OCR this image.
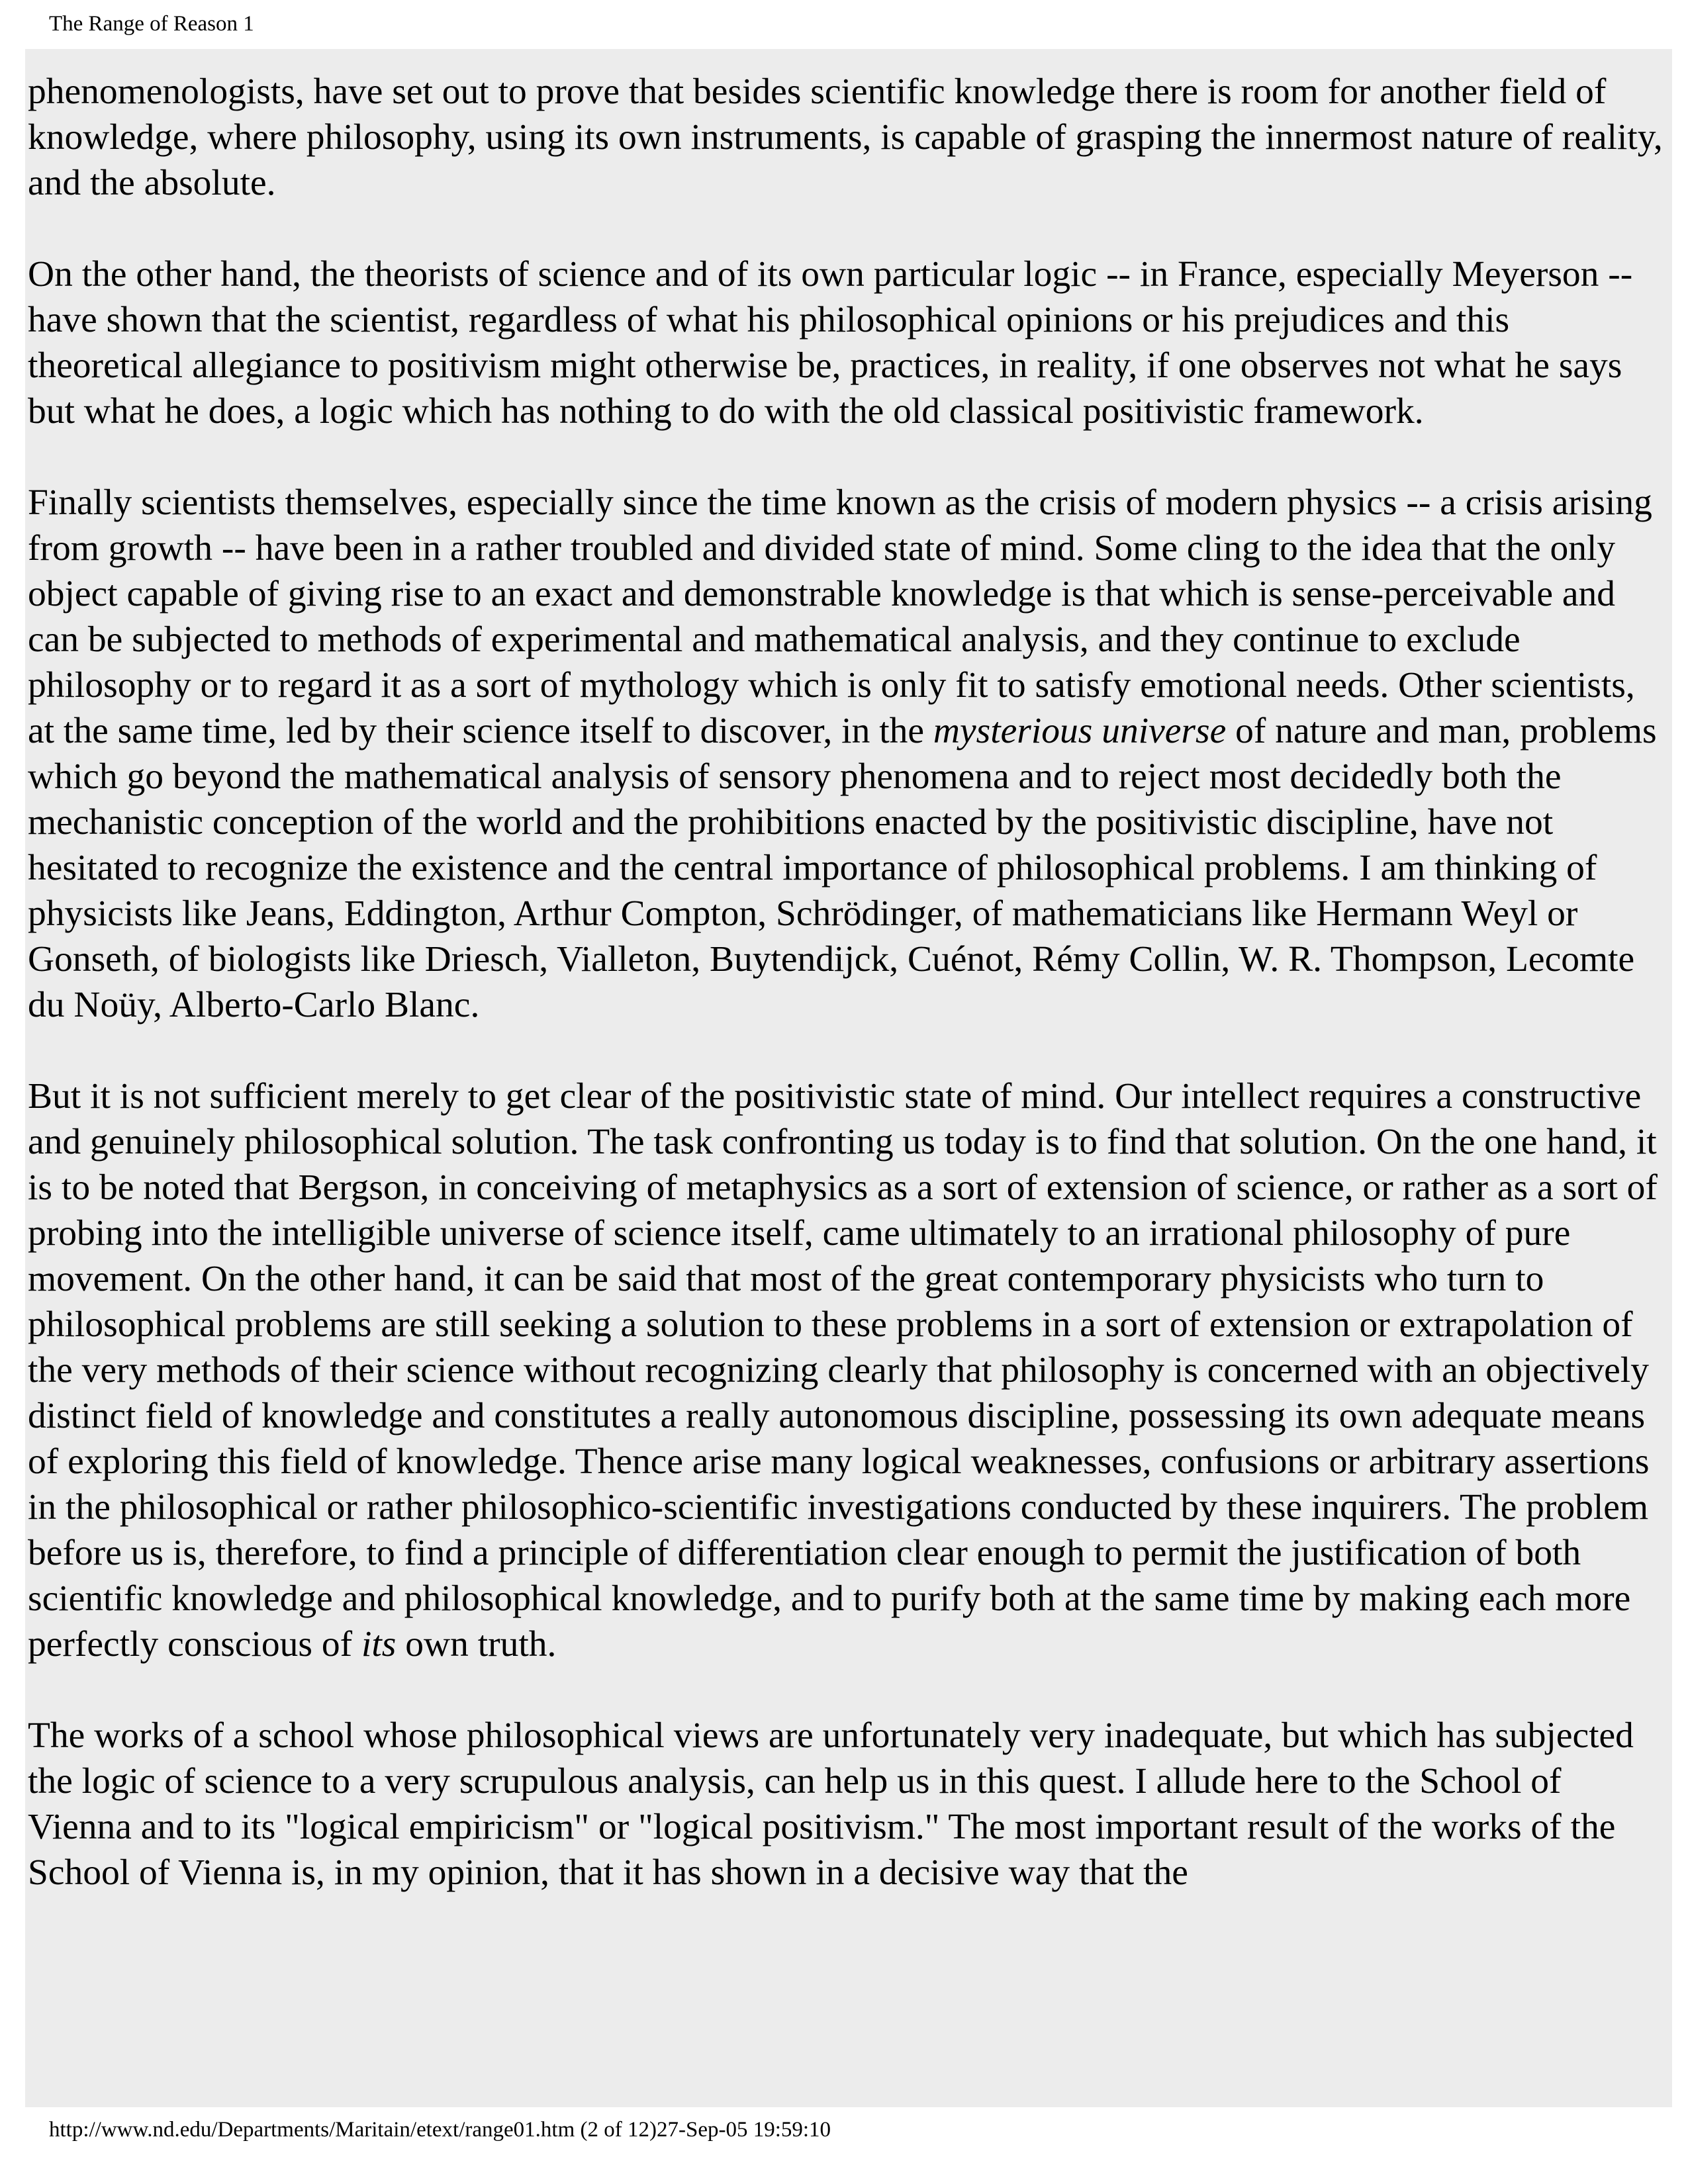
The Range of Reason 1

phenomenologists, have set out to prove that besides scientific knowledge there is room for another field of knowledge, where philosophy, using its own instruments, is capable of grasping the innermost nature of reality, and the absolute.

On the other hand, the theorists of science and of its own particular logic -- in France, especially Meyerson -- have shown that the scientist, regardless of what his philosophical opinions or his prejudices and this theoretical allegiance to positivism might otherwise be, practices, in reality, if one observes not what he says but what he does, a logic which has nothing to do with the old classical positivistic framework.

Finally scientists themselves, especially since the time known as the crisis of modern physics -- a crisis arising from growth -- have been in a rather troubled and divided state of mind. Some cling to the idea that the only object capable of giving rise to an exact and demonstrable knowledge is that which is sense-perceivable and can be subjected to methods of experimental and mathematical analysis, and they continue to exclude philosophy or to regard it as a sort of mythology which is only fit to satisfy emotional needs. Other scientists, at the same time, led by their science itself to discover, in the mysterious universe of nature and man, problems which go beyond the mathematical analysis of sensory phenomena and to reject most decidedly both the mechanistic conception of the world and the prohibitions enacted by the positivistic discipline, have not hesitated to recognize the existence and the central importance of philosophical problems. I am thinking of physicists like Jeans, Eddington, Arthur Compton, Schrödinger, of mathematicians like Hermann Weyl or Gonseth, of biologists like Driesch, Vialleton, Buytendijck, Cuénot, Rémy Collin, W. R. Thompson, Lecomte du Noüy, Alberto-Carlo Blanc.

But it is not sufficient merely to get clear of the positivistic state of mind. Our intellect requires a constructive and genuinely philosophical solution. The task confronting us today is to find that solution. On the one hand, it is to be noted that Bergson, in conceiving of metaphysics as a sort of extension of science, or rather as a sort of probing into the intelligible universe of science itself, came ultimately to an irrational philosophy of pure movement. On the other hand, it can be said that most of the great contemporary physicists who turn to philosophical problems are still seeking a solution to these problems in a sort of extension or extrapolation of the very methods of their science without recognizing clearly that philosophy is concerned with an objectively distinct field of knowledge and constitutes a really autonomous discipline, possessing its own adequate means of exploring this field of knowledge. Thence arise many logical weaknesses, confusions or arbitrary assertions in the philosophical or rather philosophico-scientific investigations conducted by these inquirers. The problem before us is, therefore, to find a principle of differentiation clear enough to permit the justification of both scientific knowledge and philosophical knowledge, and to purify both at the same time by making each more perfectly conscious of its own truth.

The works of a school whose philosophical views are unfortunately very inadequate, but which has subjected the logic of science to a very scrupulous analysis, can help us in this quest. I allude here to the School of Vienna and to its "logical empiricism" or "logical positivism." The most important result of the works of the School of Vienna is, in my opinion, that it has shown in a decisive way that the

http://www.nd.edu/Departments/Maritain/etext/range01.htm (2 of 12)27-Sep-05 19:59:10
